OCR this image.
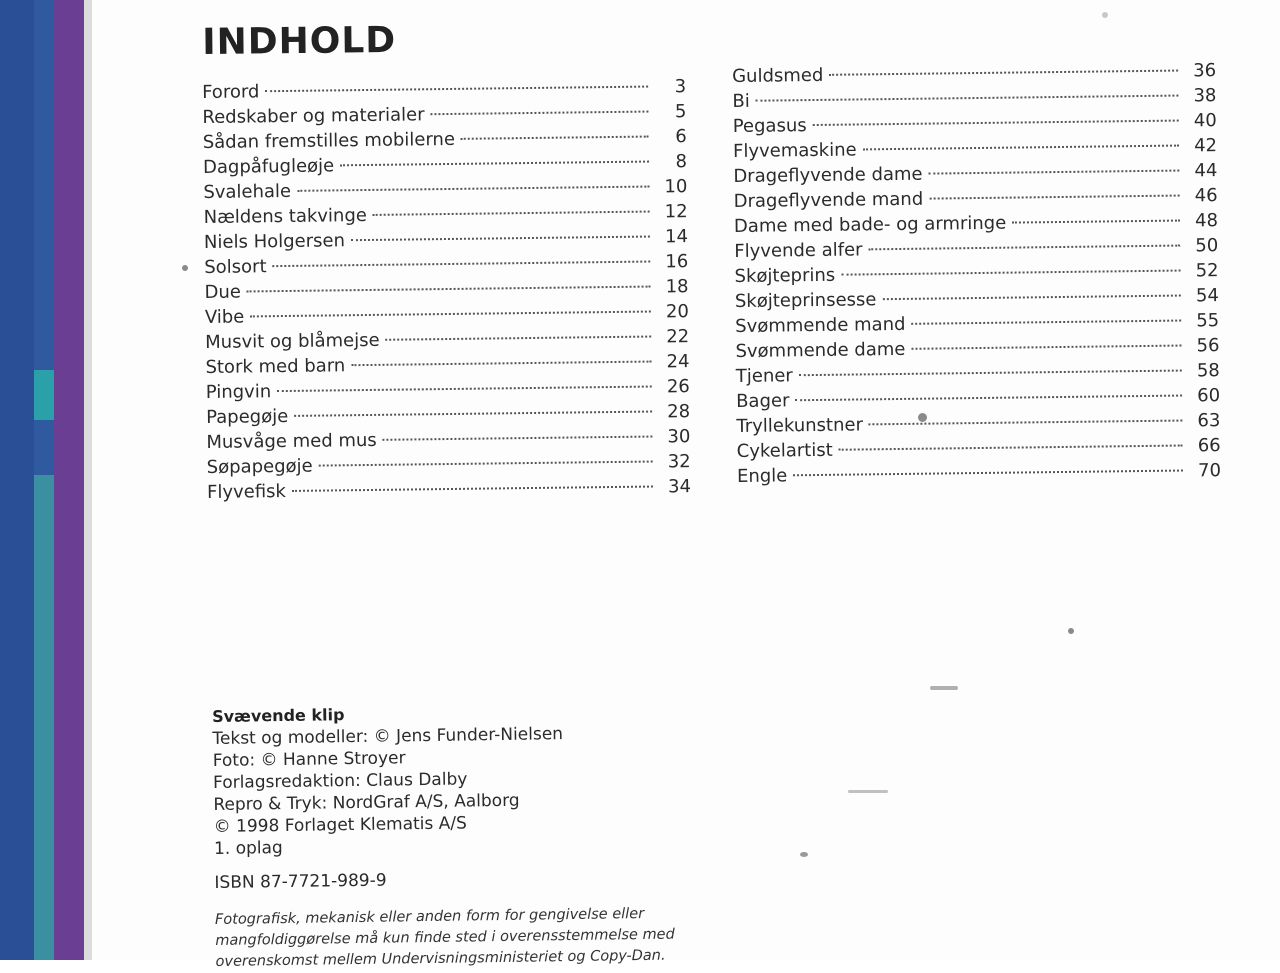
INDHOLD
Forord	3
Redskaber og materialer	5
Sådan fremstilles mobilerne	6
Dagpåfugleøje	8
Svalehale	10
Nældens takvinge	12
Niels Holgersen	14
Solsort	16
Due	18
Vibe	20
Musvit og blåmejse	22
Stork med barn	24
Pingvin	26
Papegøje	28
Musvåge med mus	30
Søpapegøje	32
Flyvefisk	34
Guldsmed	36
Bi	38
Pegasus	40
Flyvemaskine	42
Drageflyvende dame	44
Drageflyvende mand	46
Dame med bade- og armringe	48
Flyvende alfer	50
Skøjteprins	52
Skøjteprinsesse	54
Svømmende mand	55
Svømmende dame	56
Tjener	58
Bager	60
Tryllekunstner	63
Cykelartist	66
Engle	70
Svævende klip
Tekst og modeller: © Jens Funder-Nielsen
Foto: © Hanne Stroyer
Forlagsredaktion: Claus Dalby
Repro & Tryk: NordGraf A/S, Aalborg
© 1998 Forlaget Klematis A/S
1. oplag
ISBN 87-7721-989-9
Fotografisk, mekanisk eller anden form for gengivelse eller mangfoldiggørelse må kun finde sted i overensstemmelse med overenskomst mellem Undervisningsministeriet og Copy-Dan.
